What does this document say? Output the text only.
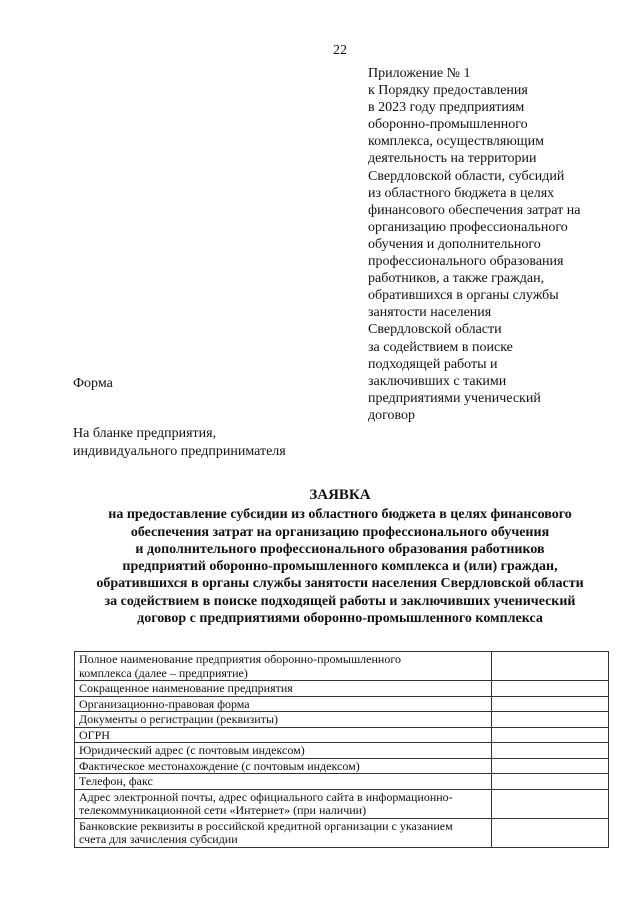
22
Приложение № 1
к Порядку предоставления
в 2023 году предприятиям
оборонно-промышленного
комплекса, осуществляющим
деятельность на территории
Свердловской области, субсидий
из областного бюджета в целях
финансового обеспечения затрат на
организацию профессионального
обучения и дополнительного
профессионального образования
работников, а также граждан,
обратившихся в органы службы
занятости населения
Свердловской области
за содействием в поиске
подходящей работы и
заключивших с такими
предприятиями ученический
договор
Форма
На бланке предприятия,
индивидуального предпринимателя
ЗАЯВКА
на предоставление субсидии из областного бюджета в целях финансового
обеспечения затрат на организацию профессионального обучения
и дополнительного профессионального образования работников
предприятий оборонно-промышленного комплекса и (или) граждан,
обратившихся в органы службы занятости населения Свердловской области
за содействием в поиске подходящей работы и заключивших ученический
договор с предприятиями оборонно-промышленного комплекса
Полное наименование предприятия оборонно-промышленного
комплекса (далее – предприятие)	

Сокращенное наименование предприятия	

Организационно-правовая форма	

Документы о регистрации (реквизиты)	

ОГРН	

Юридический адрес (с почтовым индексом)	

Фактическое местонахождение (с почтовым индексом)	

Телефон, факс	

Адрес электронной почты, адрес официального сайта в информационно-
телекоммуникационной сети «Интернет» (при наличии)	

Банковские реквизиты в российской кредитной организации с указанием
счета для зачисления субсидии	
